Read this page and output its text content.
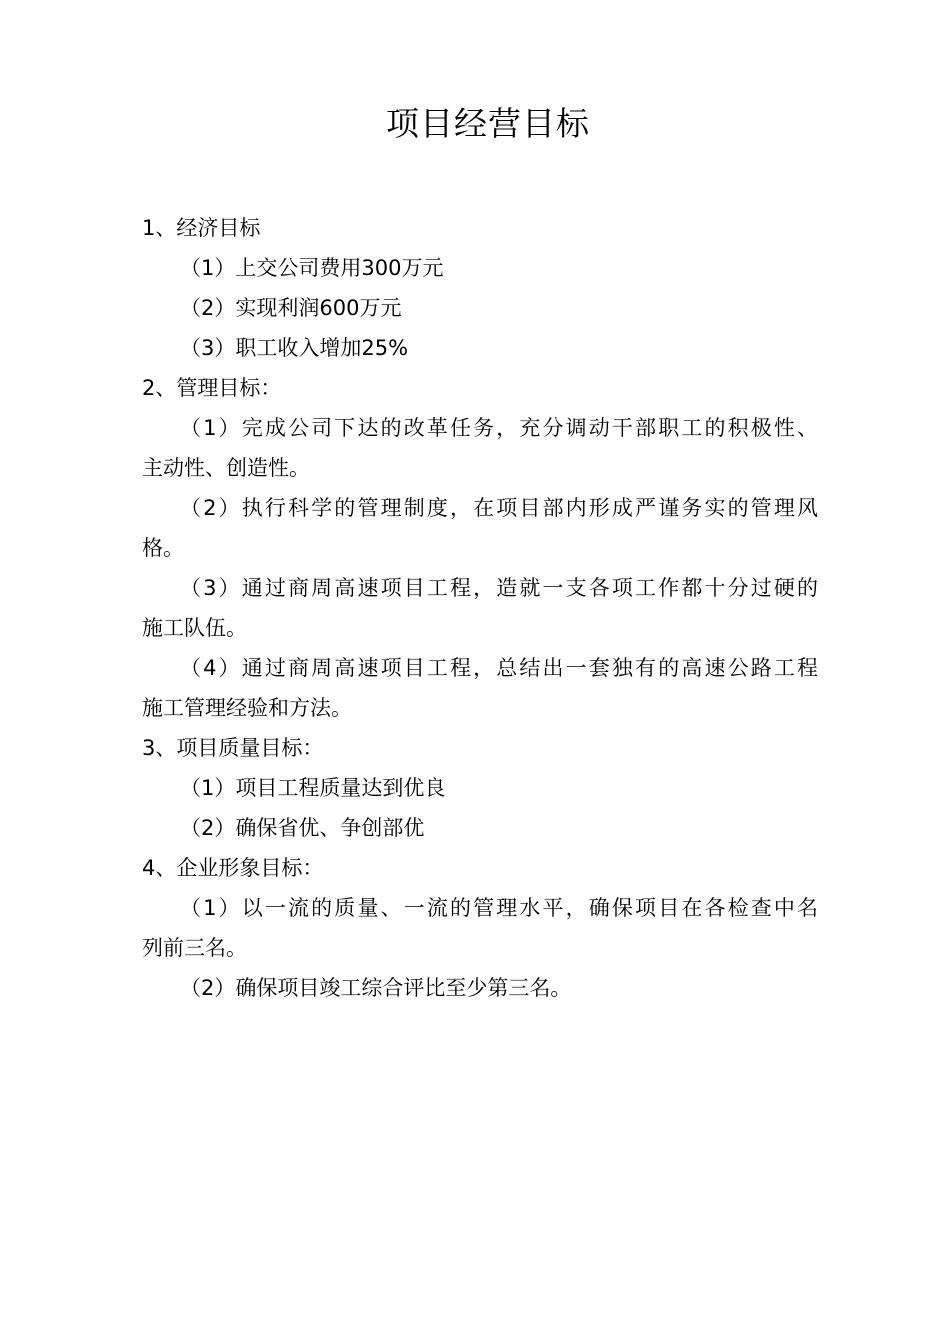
项目经营目标
1、经济目标
（1）上交公司费用300万元
（2）实现利润600万元
（3）职工收入增加25%
2、管理目标：
（1）完成公司下达的改革任务，充分调动干部职工的积极性、
主动性、创造性。
（2）执行科学的管理制度，在项目部内形成严谨务实的管理风
格。
（3）通过商周高速项目工程，造就一支各项工作都十分过硬的
施工队伍。
（4）通过商周高速项目工程，总结出一套独有的高速公路工程
施工管理经验和方法。
3、项目质量目标：
（1）项目工程质量达到优良
（2）确保省优、争创部优
4、企业形象目标：
（1）以一流的质量、一流的管理水平，确保项目在各检查中名
列前三名。
（2）确保项目竣工综合评比至少第三名。
